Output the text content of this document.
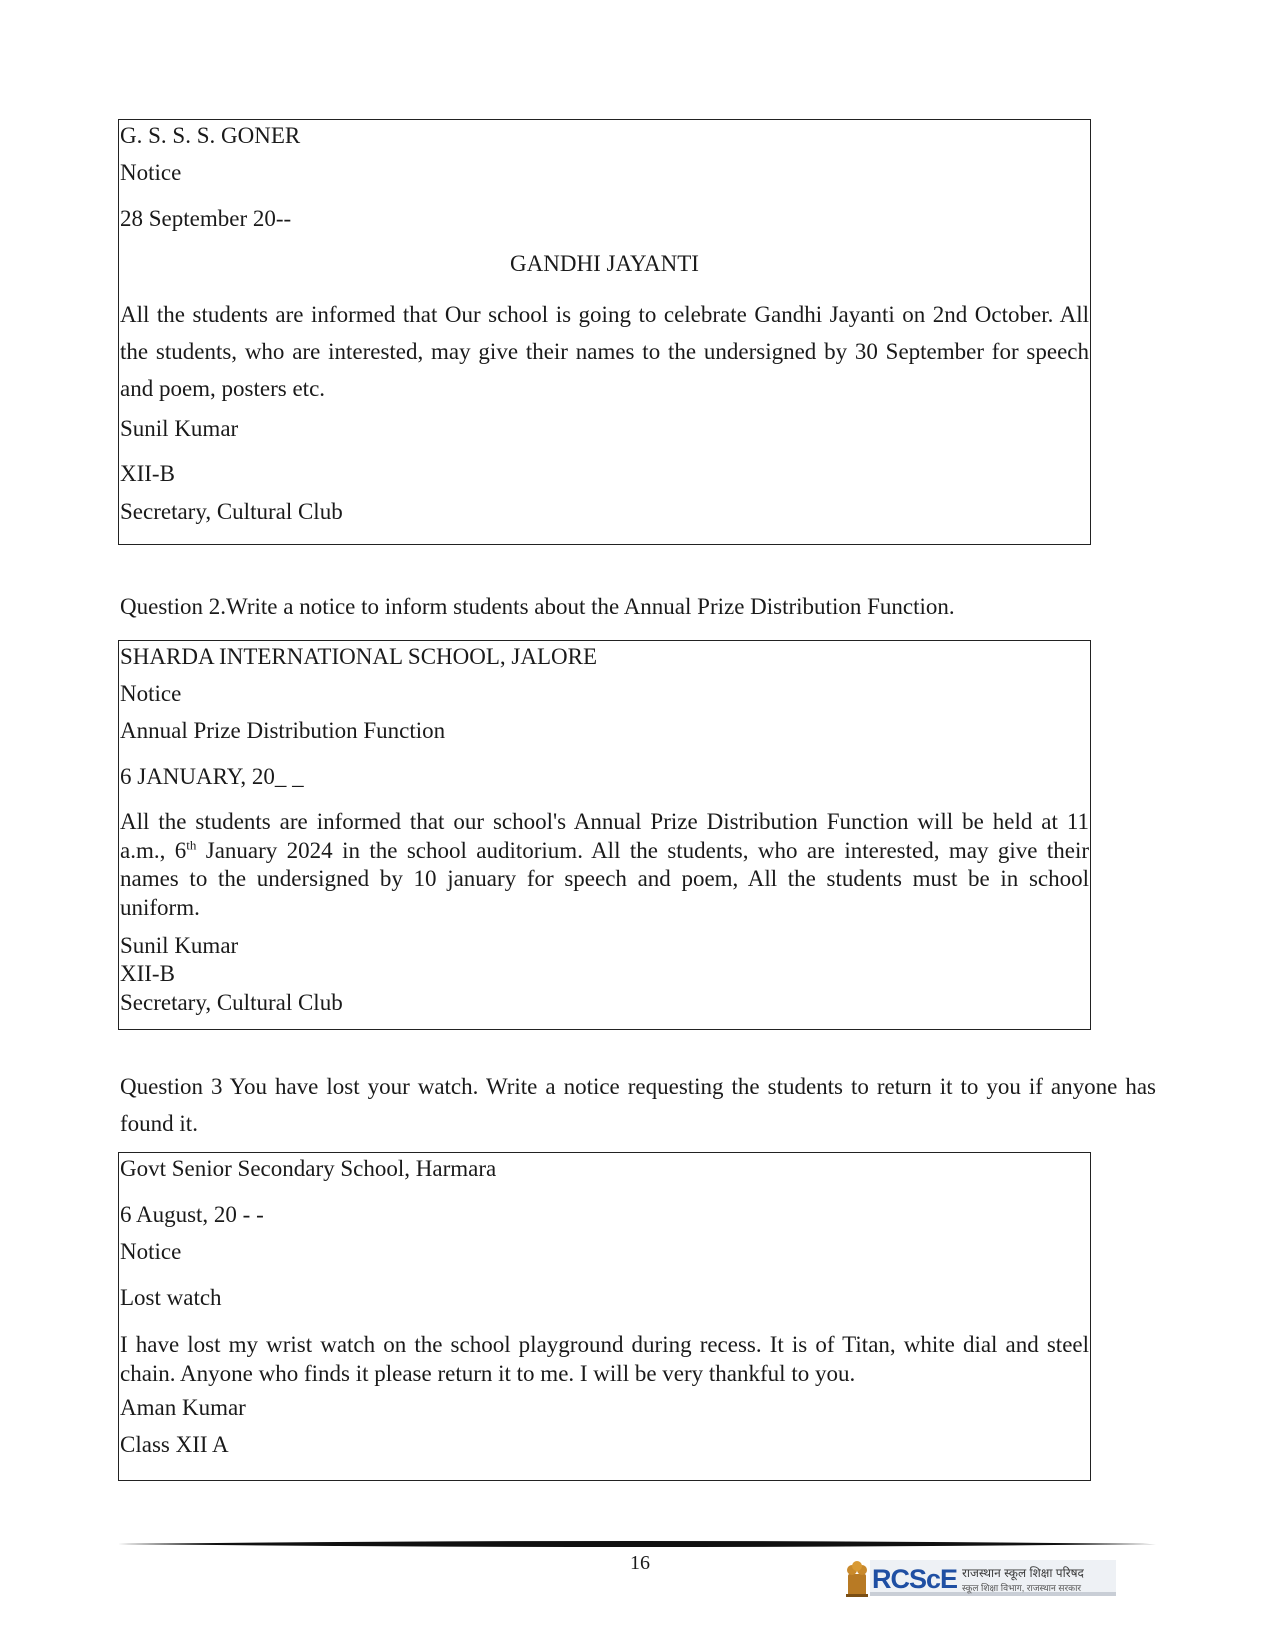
G. S. S. S. GONER
Notice
28 September 20--
GANDHI JAYANTI
All the students are informed that Our school is going to celebrate Gandhi Jayanti on 2nd October. All the students, who are interested, may give their names to the undersigned by 30 September for speech and poem, posters etc.
Sunil Kumar
XII-B
Secretary, Cultural Club
Question 2.Write a notice to inform students about the Annual Prize Distribution Function.
SHARDA INTERNATIONAL SCHOOL, JALORE
Notice
Annual Prize Distribution Function
6 JANUARY, 20_ _
All the students are informed that our school's Annual Prize Distribution Function will be held at 11 a.m., 6th January 2024 in the school auditorium. All the students, who are interested, may give their names to the undersigned by 10 january for speech and poem, All the students must be in school uniform.
Sunil Kumar
XII-B
Secretary, Cultural Club
Question 3 You have lost your watch. Write a notice requesting the students to return it to you if anyone has found it.
Govt Senior Secondary School, Harmara
6 August, 20 - -
Notice
Lost watch
I have lost my wrist watch on the school playground during recess. It is of Titan, white dial and steel chain. Anyone who finds it please return it to me. I will be very thankful to you.
Aman Kumar
Class XII A
16
RCScE राजस्थान स्कूल शिक्षा परिषद
स्कूल शिक्षा विभाग, राजस्थान सरकार
